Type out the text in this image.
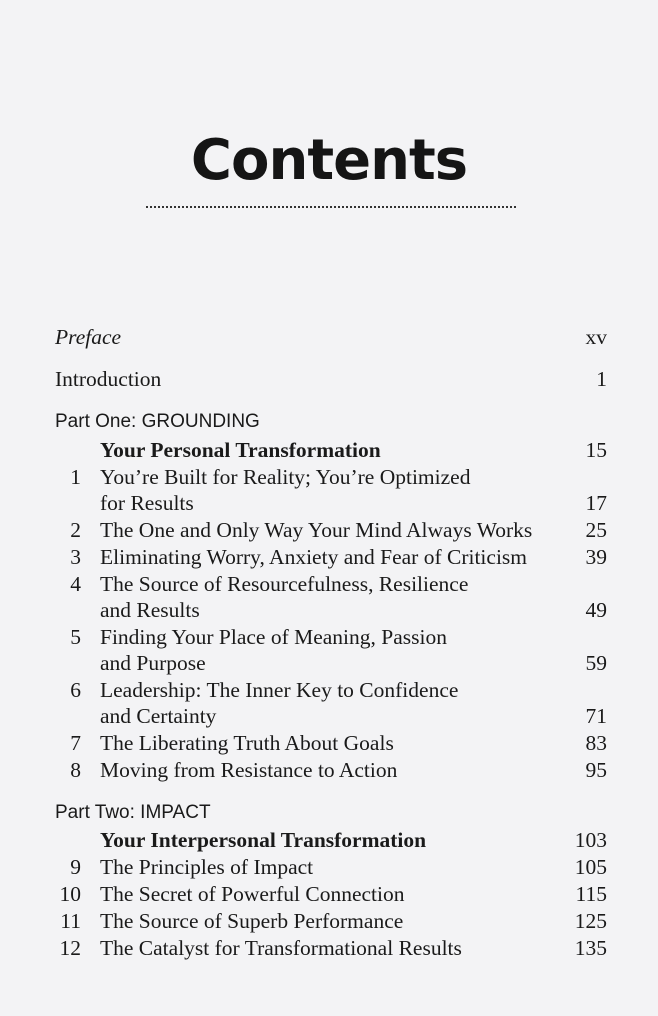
Contents
Preface	xv
Introduction	1
Part One: GROUNDING
Your Personal Transformation	15
1 You’re Built for Reality; You’re Optimized
for Results	17
2 The One and Only Way Your Mind Always Works 25
3 Eliminating Worry, Anxiety and Fear of Criticism	39
4 The Source of Resourcefulness, Resilience
and Results	49
5 Finding Your Place of Meaning, Passion
and Purpose	59
6 Leadership: The Inner Key to Confidence
and Certainty	71
7 The Liberating Truth About Goals	83
8 Moving from Resistance to Action	95
Part Two: IMPACT
Your Interpersonal Transformation	103
9 The Principles of Impact	105
10 The Secret of Powerful Connection	115
11 The Source of Superb Performance	125
12 The Catalyst for Transformational Results	135
